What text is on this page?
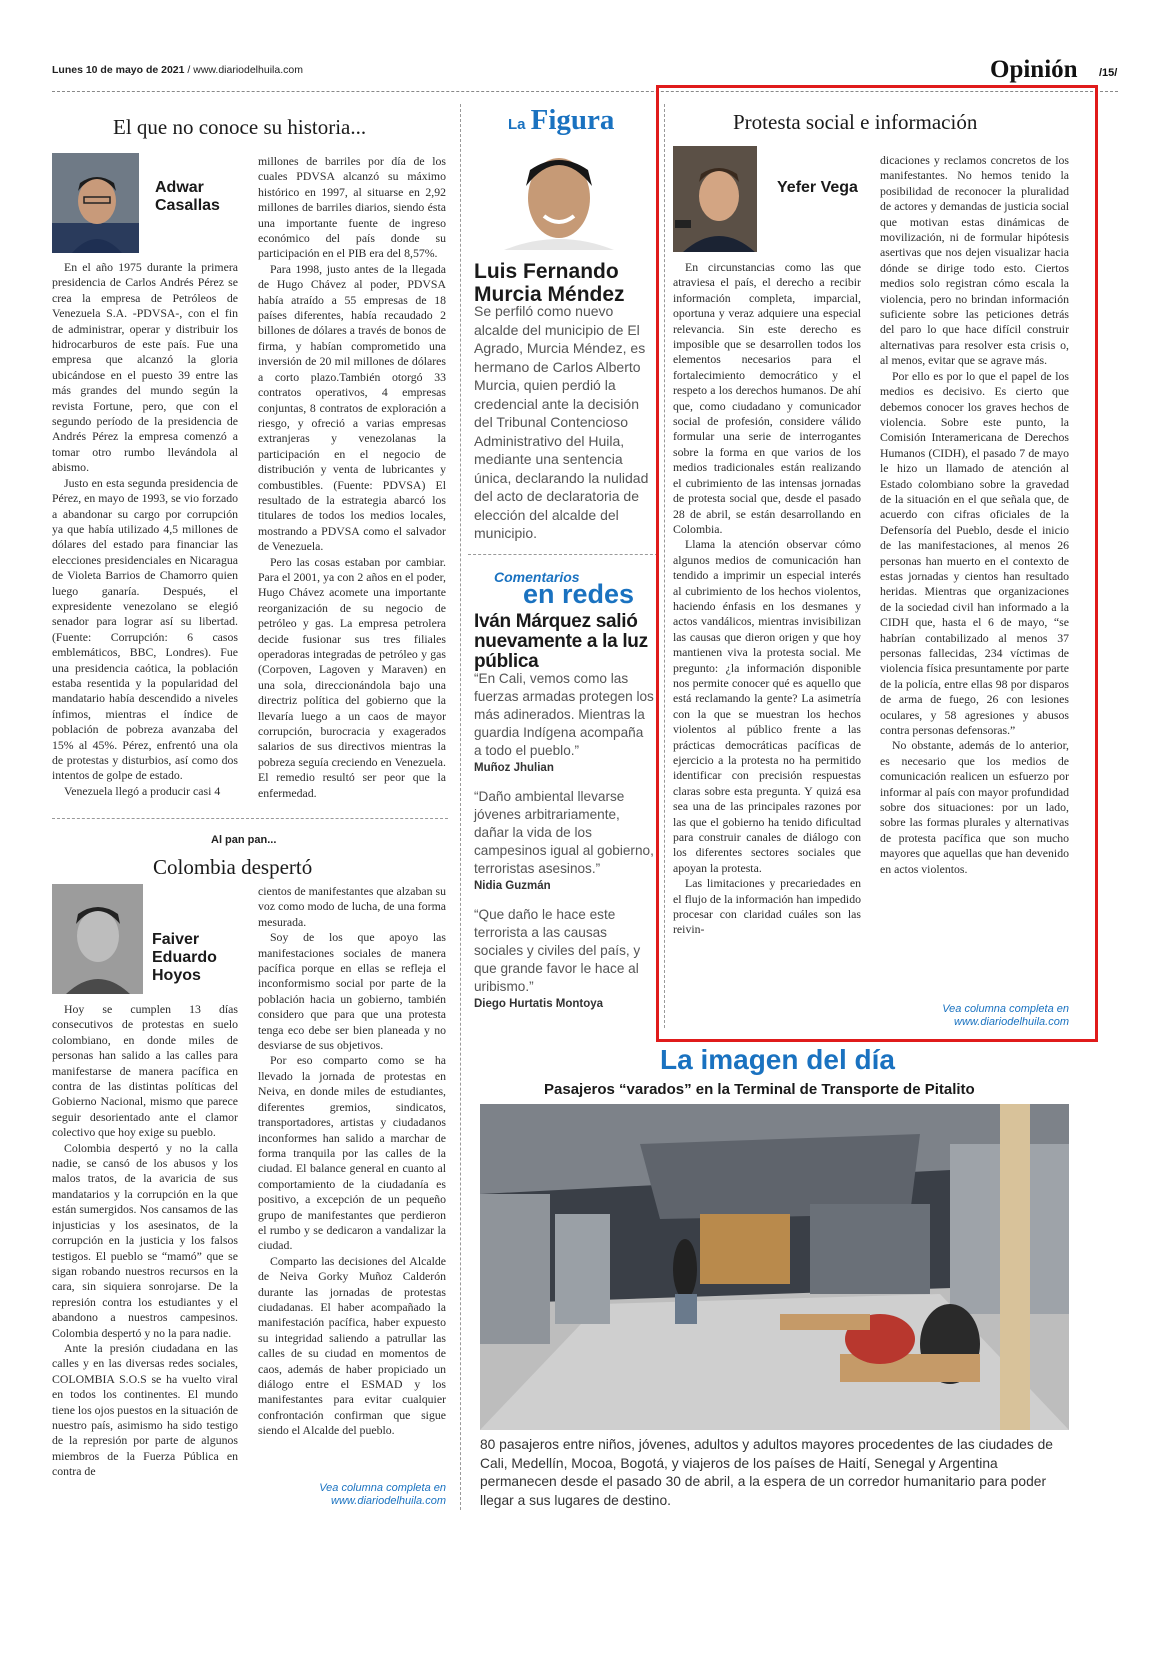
Lunes 10 de mayo de 2021 / www.diariodelhuila.com	Opinión /15/
El que no conoce su historia...
Adwar
Casallas

En el año 1975 durante la primera presidencia de Carlos Andrés Pérez se crea la empresa de Petróleos de Venezuela S.A. -PDVSA-, con el fin de administrar, operar y distribuir los hidrocarburos de este país. Fue una empresa que alcanzó la gloria ubicándose en el puesto 39 entre las más grandes del mundo según la revista Fortune, pero, que con el segundo período de la presidencia de Andrés Pérez la empresa comenzó a tomar otro rumbo llevándola al abismo.

Justo en esta segunda presidencia de Pérez, en mayo de 1993, se vio forzado a abandonar su cargo por corrupción ya que había utilizado 4,5 millones de dólares del estado para financiar las elecciones presidenciales en Nicaragua de Violeta Barrios de Chamorro quien luego ganaría. Después, el expresidente venezolano se elegió senador para lograr así su libertad. (Fuente: Corrupción: 6 casos emblemáticos, BBC, Londres). Fue una presidencia caótica, la población estaba resentida y la popularidad del mandatario había descendido a niveles ínfimos, mientras el índice de población de pobreza avanzaba del 15% al 45%. Pérez, enfrentó una ola de protestas y disturbios, así como dos intentos de golpe de estado.

Venezuela llegó a producir casi 4

millones de barriles por día de los cuales PDVSA alcanzó su máximo histórico en 1997, al situarse en 2,92 millones de barriles diarios, siendo ésta una importante fuente de ingreso económico del país donde su participación en el PIB era del 8,57%.

Para 1998, justo antes de la llegada de Hugo Chávez al poder, PDVSA había atraído a 55 empresas de 18 países diferentes, había recaudado 2 billones de dólares a través de bonos de firma, y habían comprometido una inversión de 20 mil millones de dólares a corto plazo.También otorgó 33 contratos operativos, 4 empresas conjuntas, 8 contratos de exploración a riesgo, y ofreció a varias empresas extranjeras y venezolanas la participación en el negocio de distribución y venta de lubricantes y combustibles. (Fuente: PDVSA) El resultado de la estrategia abarcó los titulares de todos los medios locales, mostrando a PDVSA como el salvador de Venezuela.

Pero las cosas estaban por cambiar. Para el 2001, ya con 2 años en el poder, Hugo Chávez acomete una importante reorganización de su negocio de petróleo y gas. La empresa petrolera decide fusionar sus tres filiales operadoras integradas de petróleo y gas (Corpoven, Lagoven y Maraven) en una sola, direccionándola bajo una directriz política del gobierno que la llevaría luego a un caos de mayor corrupción, burocracia y exagerados salarios de sus directivos mientras la pobreza seguía creciendo en Venezuela. El remedio resultó ser peor que la enfermedad.

Al pan pan...
Colombia despertó
Faiver
Eduardo
Hoyos

Hoy se cumplen 13 días consecutivos de protestas en suelo colombiano, en donde miles de personas han salido a las calles para manifestarse de manera pacífica en contra de las distintas políticas del Gobierno Nacional, mismo que parece seguir desorientado ante el clamor colectivo que hoy exige su pueblo.

Colombia despertó y no la calla nadie, se cansó de los abusos y los malos tratos, de la avaricia de sus mandatarios y la corrupción en la que están sumergidos. Nos cansamos de las injusticias y los asesinatos, de la corrupción en la justicia y los falsos testigos. El pueblo se “mamó” que se sigan robando nuestros recursos en la cara, sin siquiera sonrojarse. De la represión contra los estudiantes y el abandono a nuestros campesinos. Colombia despertó y no la para nadie.

Ante la presión ciudadana en las calles y en las diversas redes sociales, COLOMBIA S.O.S se ha vuelto viral en todos los continentes. El mundo tiene los ojos puestos en la situación de nuestro país, asimismo ha sido testigo de la represión por parte de algunos miembros de la Fuerza Pública en contra de

cientos de manifestantes que alzaban su voz como modo de lucha, de una forma mesurada.

Soy de los que apoyo las manifestaciones sociales de manera pacífica porque en ellas se refleja el inconformismo social por parte de la población hacia un gobierno, también considero que para que una protesta tenga eco debe ser bien planeada y no desviarse de sus objetivos.

Por eso comparto como se ha llevado la jornada de protestas en Neiva, en donde miles de estudiantes, diferentes gremios, sindicatos, transportadores, artistas y ciudadanos inconformes han salido a marchar de forma tranquila por las calles de la ciudad. El balance general en cuanto al comportamiento de la ciudadanía es positivo, a excepción de un pequeño grupo de manifestantes que perdieron el rumbo y se dedicaron a vandalizar la ciudad.

Comparto las decisiones del Alcalde de Neiva Gorky Muñoz Calderón durante las jornadas de protestas ciudadanas. El haber acompañado la manifestación pacífica, haber expuesto su integridad saliendo a patrullar las calles de su ciudad en momentos de caos, además de haber propiciado un diálogo entre el ESMAD y los manifestantes para evitar cualquier confrontación confirman que sigue siendo el Alcalde del pueblo.

Vea columna completa en
www.diariodelhuila.com
La Figura
Luis Fernando
Murcia Méndez
Se perfiló como nuevo alcalde del municipio de El Agrado, Murcia Méndez, es hermano de Carlos Alberto Murcia, quien perdió la credencial ante la decisión del Tribunal Contencioso Administrativo del Huila, mediante una sentencia única, declarando la nulidad del acto de declaratoria de elección del alcalde del municipio.
Comentarios
en redes
Iván Márquez salió nuevamente a la luz pública
“En Cali, vemos como las fuerzas armadas protegen los más adinerados. Mientras la guardia Indígena acompaña a todo el pueblo.”
Muñoz Jhulian
“Daño ambiental llevarse jóvenes arbitrariamente, dañar la vida de los campesinos igual al gobierno, terroristas asesinos.”
Nidia Guzmán
“Que daño le hace este terrorista a las causas sociales y civiles del país, y que grande favor le hace al uribismo.”
Diego Hurtatis Montoya
Protesta social e información
Yefer Vega

En circunstancias como las que atraviesa el país, el derecho a recibir información completa, imparcial, oportuna y veraz adquiere una especial relevancia. Sin este derecho es imposible que se desarrollen todos los elementos necesarios para el fortalecimiento democrático y el respeto a los derechos humanos. De ahí que, como ciudadano y comunicador social de profesión, considere válido formular una serie de interrogantes sobre la forma en que varios de los medios tradicionales están realizando el cubrimiento de las intensas jornadas de protesta social que, desde el pasado 28 de abril, se están desarrollando en Colombia.

Llama la atención observar cómo algunos medios de comunicación han tendido a imprimir un especial interés al cubrimiento de los hechos violentos, haciendo énfasis en los desmanes y actos vandálicos, mientras invisibilizan las causas que dieron origen y que hoy mantienen viva la protesta social. Me pregunto: ¿la información disponible nos permite conocer qué es aquello que está reclamando la gente? La asimetría con la que se muestran los hechos violentos al público frente a las prácticas democráticas pacíficas de ejercicio a la protesta no ha permitido identificar con precisión respuestas claras sobre esta pregunta. Y quizá esa sea una de las principales razones por las que el gobierno ha tenido dificultad para construir canales de diálogo con los diferentes sectores sociales que apoyan la protesta.

Las limitaciones y precariedades en el flujo de la información han impedido procesar con claridad cuáles son las reivin-

dicaciones y reclamos concretos de los manifestantes. No hemos tenido la posibilidad de reconocer la pluralidad de actores y demandas de justicia social que motivan estas dinámicas de movilización, ni de formular hipótesis asertivas que nos dejen visualizar hacia dónde se dirige todo esto. Ciertos medios solo registran cómo escala la violencia, pero no brindan información suficiente sobre las peticiones detrás del paro lo que hace difícil construir alternativas para resolver esta crisis o, al menos, evitar que se agrave más.

Por ello es por lo que el papel de los medios es decisivo. Es cierto que debemos conocer los graves hechos de violencia. Sobre este punto, la Comisión Interamericana de Derechos Humanos (CIDH), el pasado 7 de mayo le hizo un llamado de atención al Estado colombiano sobre la gravedad de la situación en el que señala que, de acuerdo con cifras oficiales de la Defensoría del Pueblo, desde el inicio de las manifestaciones, al menos 26 personas han muerto en el contexto de estas jornadas y cientos han resultado heridas. Mientras que organizaciones de la sociedad civil han informado a la CIDH que, hasta el 6 de mayo, “se habrían contabilizado al menos 37 personas fallecidas, 234 víctimas de violencia física presuntamente por parte de la policía, entre ellas 98 por disparos de arma de fuego, 26 con lesiones oculares, y 58 agresiones y abusos contra personas defensoras.”

No obstante, además de lo anterior, es necesario que los medios de comunicación realicen un esfuerzo por informar al país con mayor profundidad sobre dos situaciones: por un lado, sobre las formas plurales y alternativas de protesta pacífica que son mucho mayores que aquellas que han devenido en actos violentos.

Vea columna completa en
www.diariodelhuila.com
La imagen del día
Pasajeros “varados” en la Terminal de Transporte de Pitalito
80 pasajeros entre niños, jóvenes, adultos y adultos mayores procedentes de las ciudades de Cali, Medellín, Mocoa, Bogotá, y viajeros de los países de Haití, Senegal y Argentina permanecen desde el pasado 30 de abril, a la espera de un corredor humanitario para poder llegar a sus lugares de destino.
